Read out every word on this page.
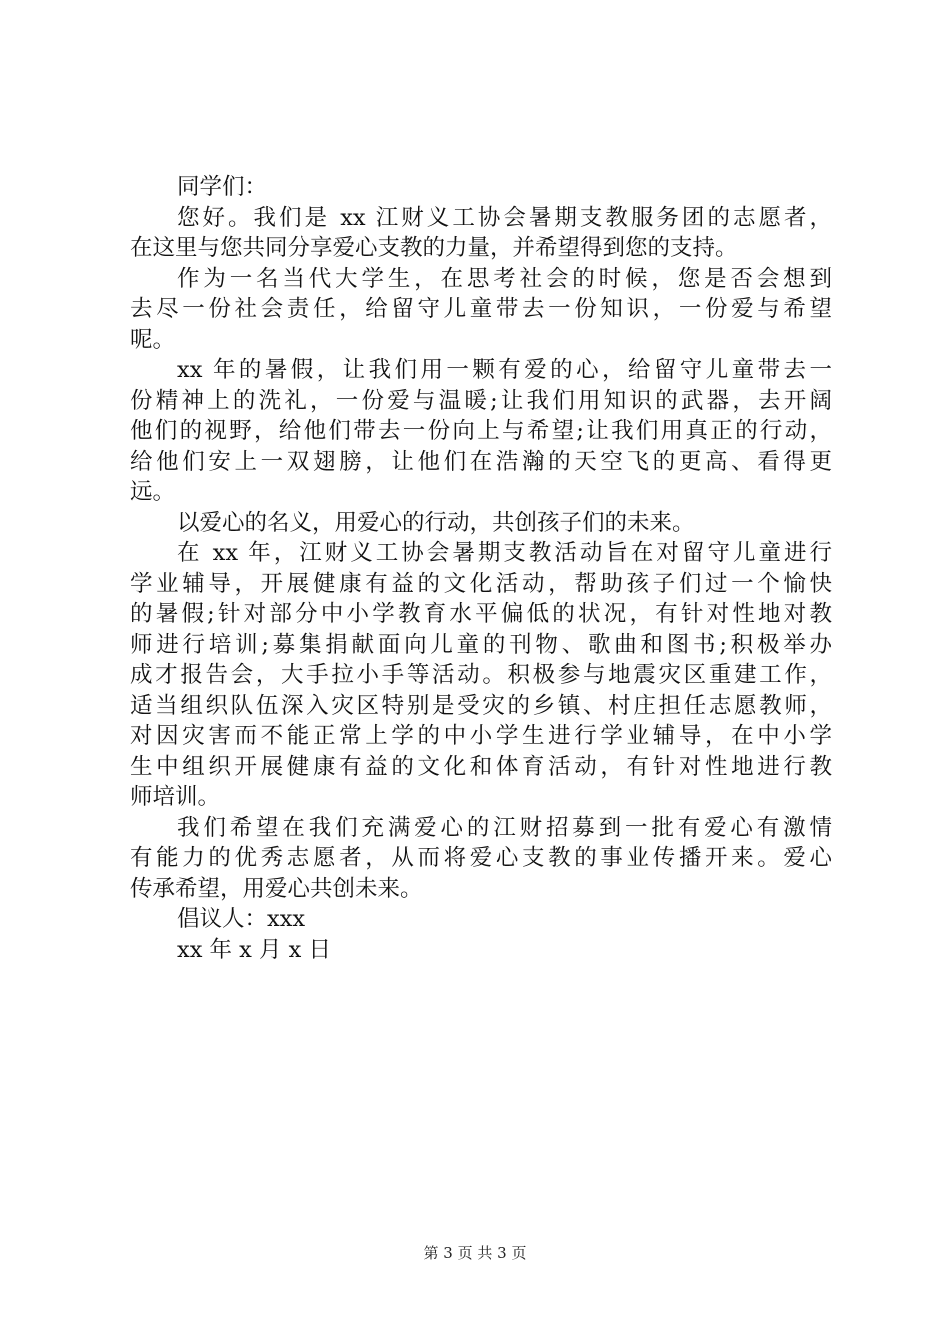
同学们：
您好。我们是 xx 江财义工协会暑期支教服务团的志愿者，
在这里与您共同分享爱心支教的力量，并希望得到您的支持。
作为一名当代大学生，在思考社会的时候，您是否会想到
去尽一份社会责任，给留守儿童带去一份知识，一份爱与希望
呢。
xx 年的暑假，让我们用一颗有爱的心，给留守儿童带去一
份精神上的洗礼，一份爱与温暖;让我们用知识的武器，去开阔
他们的视野，给他们带去一份向上与希望;让我们用真正的行动，
给他们安上一双翅膀，让他们在浩瀚的天空飞的更高、看得更
远。
以爱心的名义，用爱心的行动，共创孩子们的未来。
在 xx 年，江财义工协会暑期支教活动旨在对留守儿童进行
学业辅导，开展健康有益的文化活动，帮助孩子们过一个愉快
的暑假;针对部分中小学教育水平偏低的状况，有针对性地对教
师进行培训;募集捐献面向儿童的刊物、歌曲和图书;积极举办
成才报告会，大手拉小手等活动。积极参与地震灾区重建工作，
适当组织队伍深入灾区特别是受灾的乡镇、村庄担任志愿教师，
对因灾害而不能正常上学的中小学生进行学业辅导，在中小学
生中组织开展健康有益的文化和体育活动，有针对性地进行教
师培训。
我们希望在我们充满爱心的江财招募到一批有爱心有激情
有能力的优秀志愿者，从而将爱心支教的事业传播开来。爱心
传承希望，用爱心共创未来。
倡议人：xxx
xx 年 x 月 x 日
第 3 页 共 3 页
